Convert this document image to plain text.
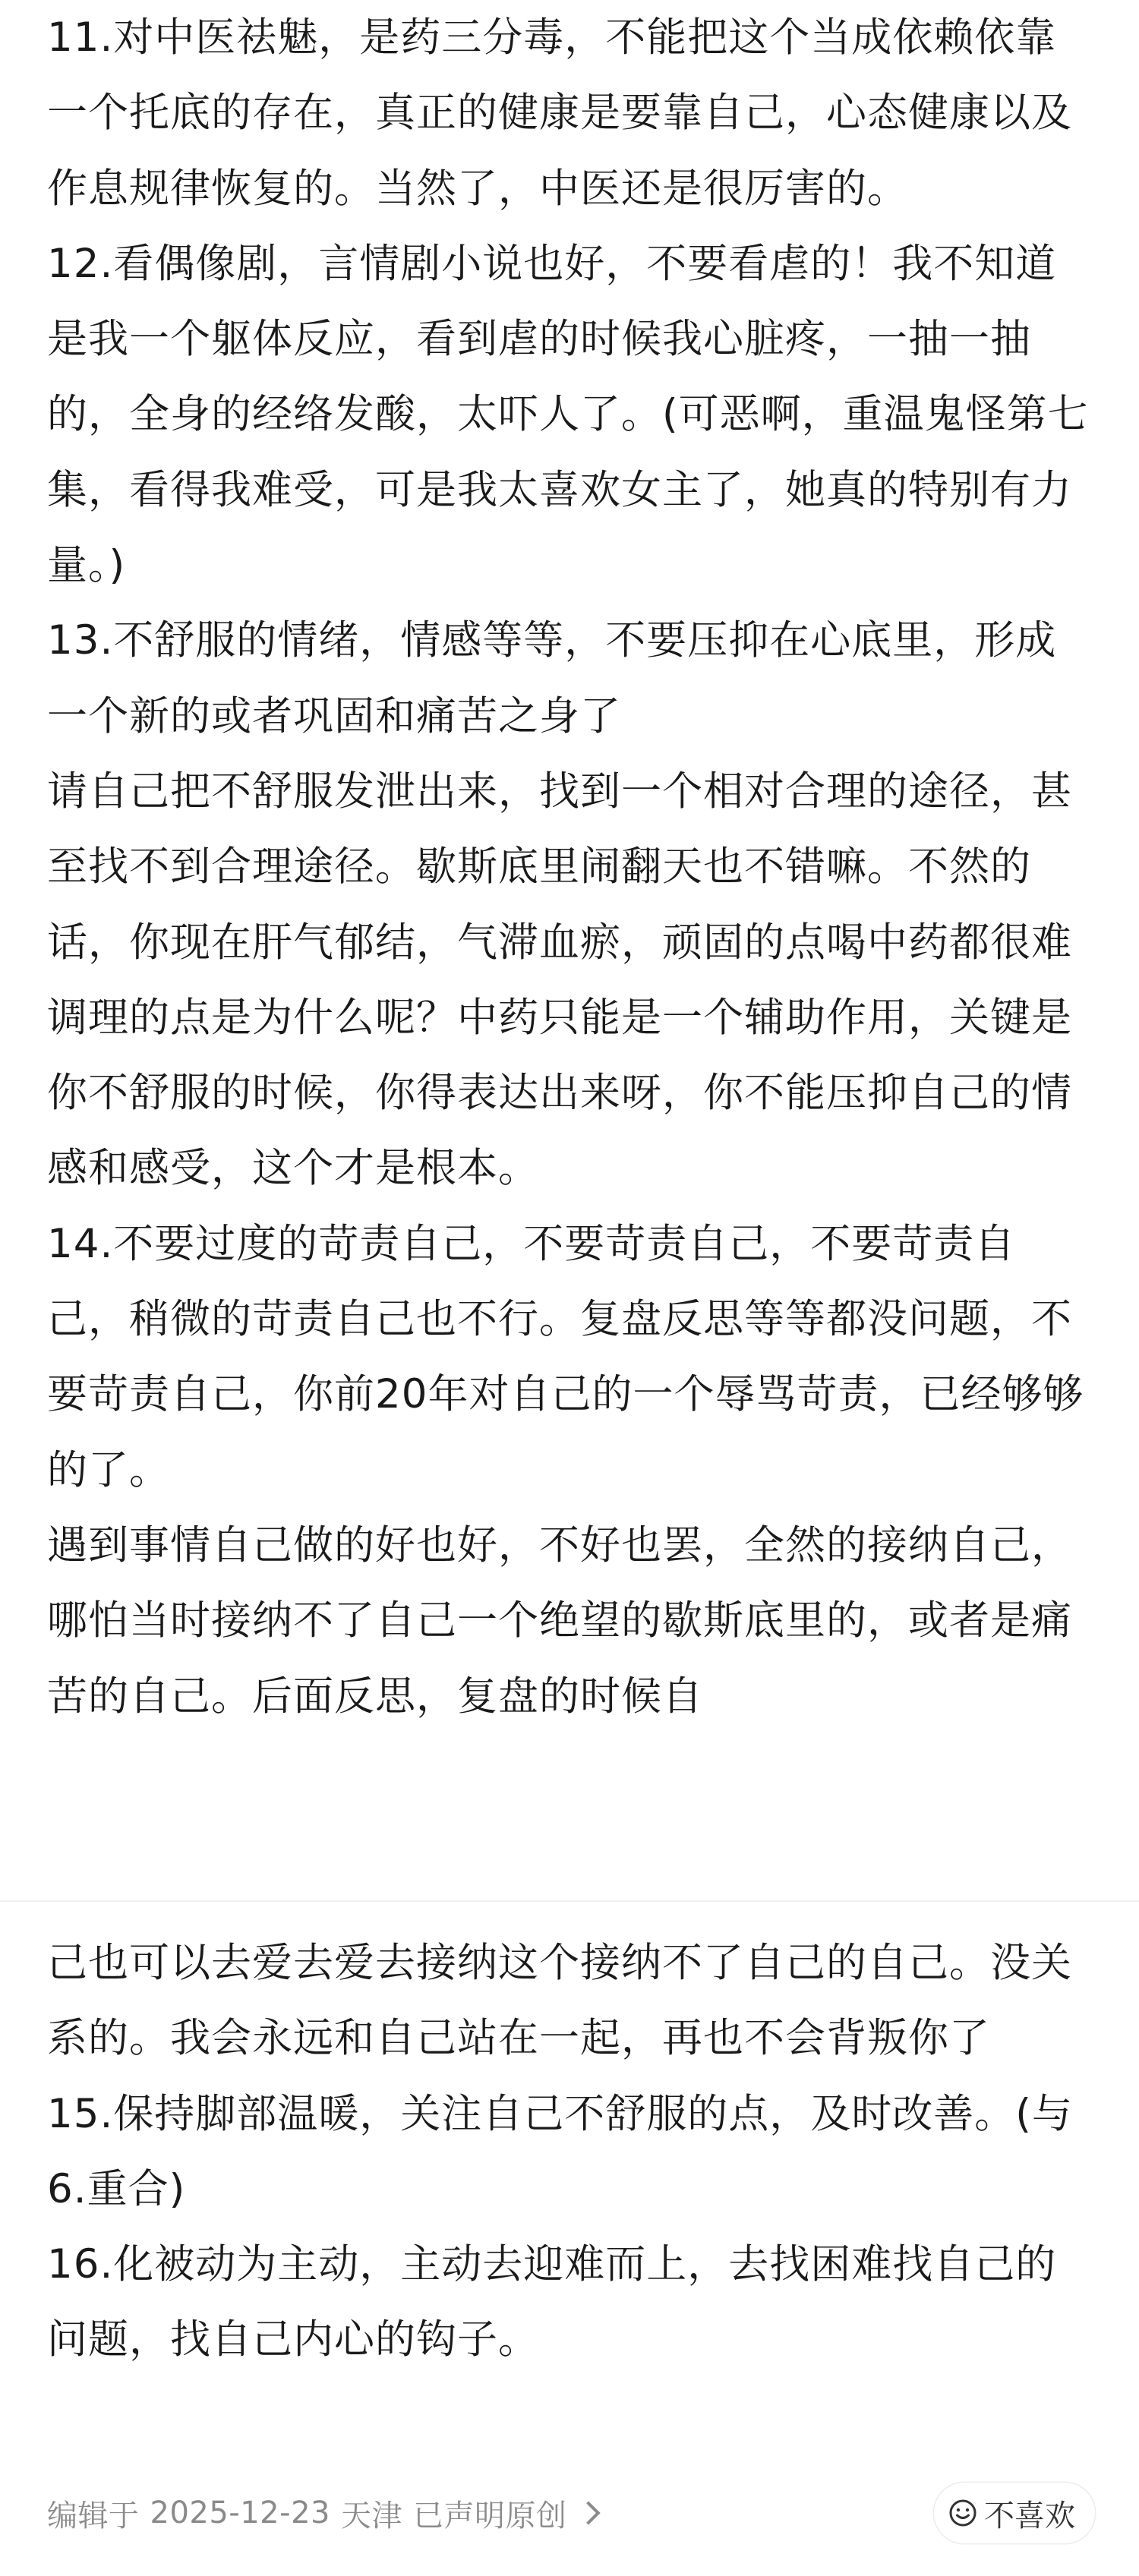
11.对中医祛魅，是药三分毒，不能把这个当成依赖依靠一个托底的存在，真正的健康是要靠自己，心态健康以及作息规律恢复的。当然了，中医还是很厉害的。

12.看偶像剧，言情剧小说也好，不要看虐的！我不知道是我一个躯体反应，看到虐的时候我心脏疼，一抽一抽的，全身的经络发酸，太吓人了。(可恶啊，重温鬼怪第七集，看得我难受，可是我太喜欢女主了，她真的特别有力量。)

13.不舒服的情绪，情感等等，不要压抑在心底里，形成一个新的或者巩固和痛苦之身了

请自己把不舒服发泄出来，找到一个相对合理的途径，甚至找不到合理途径。歇斯底里闹翻天也不错嘛。不然的话，你现在肝气郁结，气滞血瘀，顽固的点喝中药都很难调理的点是为什么呢？中药只能是一个辅助作用，关键是你不舒服的时候，你得表达出来呀，你不能压抑自己的情感和感受，这个才是根本。

14.不要过度的苛责自己，不要苛责自己，不要苛责自己，稍微的苛责自己也不行。复盘反思等等都没问题，不要苛责自己，你前20年对自己的一个辱骂苛责，已经够够的了。

遇到事情自己做的好也好，不好也罢，全然的接纳自己，哪怕当时接纳不了自己一个绝望的歇斯底里的，或者是痛苦的自己。后面反思，复盘的时候自

己也可以去爱去爱去接纳这个接纳不了自己的自己。没关系的。我会永远和自己站在一起，再也不会背叛你了

15.保持脚部温暖，关注自己不舒服的点，及时改善。(与6.重合)

16.化被动为主动，主动去迎难而上，去找困难找自己的问题，找自己内心的钩子。

编辑于 2025-12-23 天津 已声明原创	不喜欢
